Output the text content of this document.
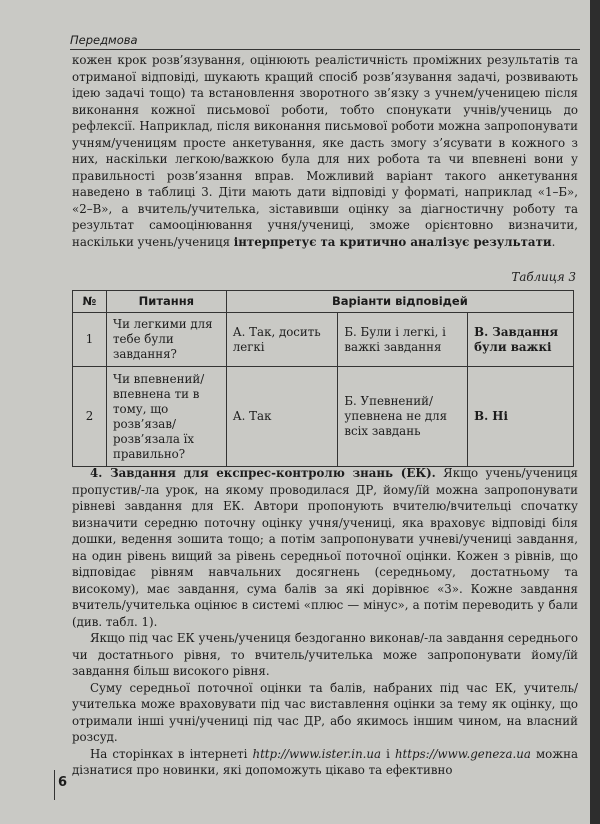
Передмова

кожен крок розв’язування, оцінюють реалістичність проміжних результатів та отриманої відповіді, шукають кращий спосіб розв’язування задачі, розвивають ідею задачі тощо) та встановлення зворотного зв’язку з учнем/ученицею після виконання кожної письмової роботи, тобто спонукати учнів/учениць до рефлексії. Наприклад, після виконання письмової роботи можна запропонувати учням/ученицям просте анкетування, яке дасть змогу з’ясувати в кожного з них, наскільки легкою/важкою була для них робота та чи впевнені вони у правильності розв’язання вправ. Можливий варіант такого анкетування наведено в таблиці 3. Діти мають дати відповіді у форматі, наприклад «1–Б», «2–В», а вчитель/учителька, зіставивши оцінку за діагностичну роботу та результат самооцінювання учня/учениці, зможе орієнтовно визначити, наскільки учень/учениця інтерпретує та критично аналізує результати.

Таблиця 3
№	Питання	Варіанти відповідей		
1	Чи легкими для тебе були завдання?	А. Так, досить легкі	Б. Були і легкі, і важкі завдання	В. Завдання були важкі
2	Чи впевнений/впевнена ти в тому, що розв’язав/розв’язала їх правильно?	А. Так	Б. Упевнений/упевнена не для всіх завдань	В. Ні

4. Завдання для експрес-контролю знань (ЕК). Якщо учень/учениця пропустив/-ла урок, на якому проводилася ДР, йому/їй можна запропонувати рівневі завдання для ЕК. Автори пропонують вчителю/вчительці спочатку визначити середню поточну оцінку учня/учениці, яка враховує відповіді біля дошки, ведення зошита тощо; а потім запропонувати учневі/учениці завдання, на один рівень вищий за рівень середньої поточної оцінки. Кожен з рівнів, що відповідає рівням навчальних досягнень (середньому, достатньому та високому), має завдання, сума балів за які дорівнює «3». Кожне завдання вчитель/учителька оцінює в системі «плюс — мінус», а потім переводить у бали (див. табл. 1).

Якщо під час ЕК учень/учениця бездоганно виконав/-ла завдання середнього чи достатнього рівня, то вчитель/учителька може запропонувати йому/їй завдання більш високого рівня.

Суму середньої поточної оцінки та балів, набраних під час ЕК, учитель/учителька може враховувати під час виставлення оцінки за тему як оцінку, що отримали інші учні/учениці під час ДР, або якимось іншим чином, на власний розсуд.

На сторінках в інтернеті http://www.ister.in.ua і https://www.geneza.ua можна дізнатися про новинки, які допоможуть цікаво та ефективно

6
